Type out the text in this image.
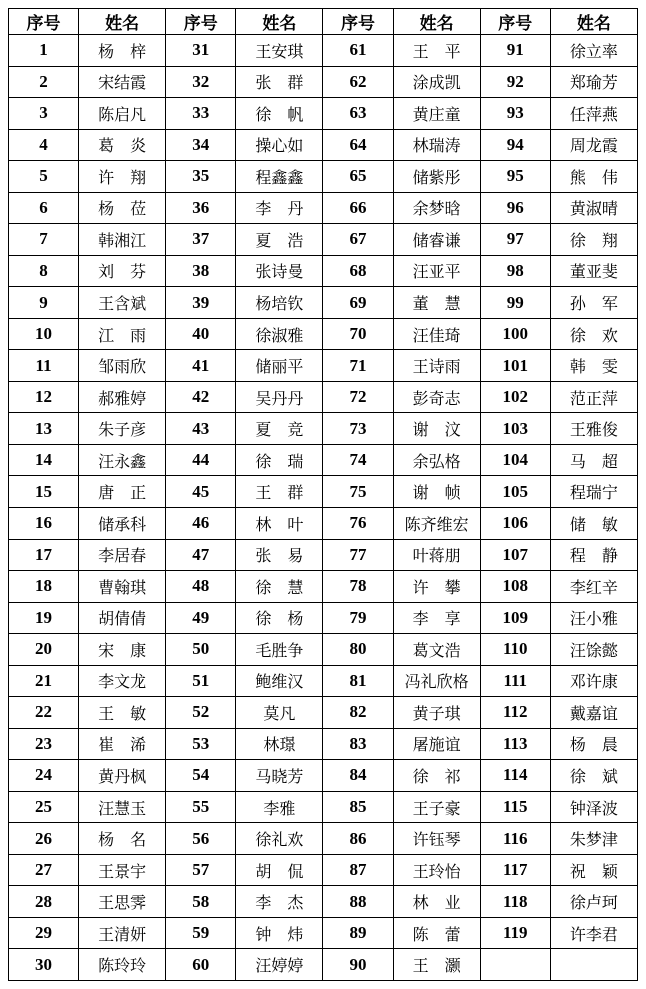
序号	姓名	序号	姓名	序号	姓名	序号	姓名
1	杨　梓	31	王安琪	61	王　平	91	徐立率
2	宋结霞	32	张　群	62	涂成凯	92	郑瑜芳
3	陈启凡	33	徐　帆	63	黄庄童	93	任萍燕
4	葛　炎	34	操心如	64	林瑞涛	94	周龙霞
5	许　翔	35	程鑫鑫	65	储紫彤	95	熊　伟
6	杨　莅	36	李　丹	66	余梦晗	96	黄淑晴
7	韩湘江	37	夏　浩	67	储睿谦	97	徐　翔
8	刘　芬	38	张诗曼	68	汪亚平	98	董亚斐
9	王含斌	39	杨培钦	69	董　慧	99	孙　军
10	江　雨	40	徐淑雅	70	汪佳琦	100	徐　欢
11	邹雨欣	41	储丽平	71	王诗雨	101	韩　雯
12	郝雅婷	42	吴丹丹	72	彭奇志	102	范正萍
13	朱子彦	43	夏　竞	73	谢　汶	103	王雅俊
14	汪永鑫	44	徐　瑞	74	余弘格	104	马　超
15	唐　正	45	王　群	75	谢　帧	105	程瑞宁
16	储承科	46	林　叶	76	陈齐维宏	106	储　敏
17	李居春	47	张　易	77	叶蒋朋	107	程　静
18	曹翰琪	48	徐　慧	78	许　攀	108	李红辛
19	胡倩倩	49	徐　杨	79	李　享	109	汪小雅
20	宋　康	50	毛胜争	80	葛文浩	110	汪馀懿
21	李文龙	51	鲍维汉	81	冯礼欣格	111	邓许康
22	王　敏	52	莫凡	82	黄子琪	112	戴嘉谊
23	崔　浠	53	林璟	83	屠施谊	113	杨　晨
24	黄丹枫	54	马晓芳	84	徐　祁	114	徐　斌
25	汪慧玉	55	李雅	85	王子豪	115	钟泽波
26	杨　名	56	徐礼欢	86	许钰琴	116	朱梦津
27	王景宇	57	胡　侃	87	王玲怡	117	祝　颖
28	王思霁	58	李　杰	88	林　业	118	徐卢珂
29	王清妍	59	钟　炜	89	陈　蕾	119	许李君
30	陈玲玲	60	汪婷婷	90	王　灏		
